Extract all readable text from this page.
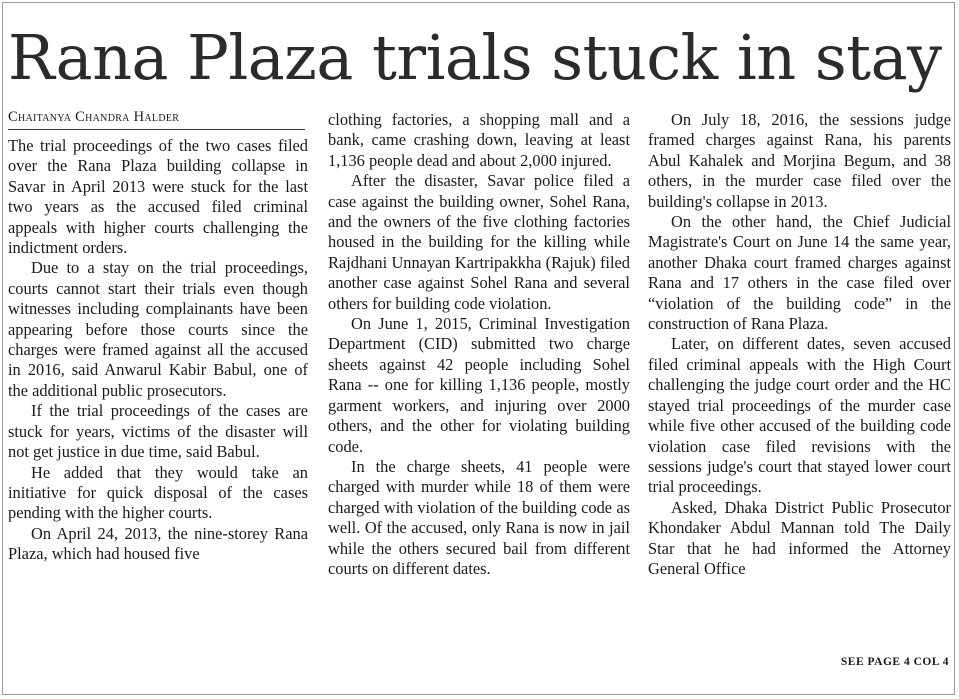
Rana Plaza trials stuck in stay
Chaitanya Chandra Halder

The trial proceedings of the two cases filed over the Rana Plaza building collapse in Savar in April 2013 were stuck for the last two years as the accused filed criminal appeals with higher courts challenging the indictment orders.

Due to a stay on the trial proceedings, courts cannot start their trials even though witnesses including complainants have been appearing before those courts since the charges were framed against all the accused in 2016, said Anwarul Kabir Babul, one of the additional public prosecutors.

If the trial proceedings of the cases are stuck for years, victims of the disaster will not get justice in due time, said Babul.

He added that they would take an initiative for quick disposal of the cases pending with the higher courts.

On April 24, 2013, the nine-storey Rana Plaza, which had housed five

clothing factories, a shopping mall and a bank, came crashing down, leaving at least 1,136 people dead and about 2,000 injured.

After the disaster, Savar police filed a case against the building owner, Sohel Rana, and the owners of the five clothing factories housed in the building for the killing while Rajdhani Unnayan Kartripakkha (Rajuk) filed another case against Sohel Rana and several others for building code violation.

On June 1, 2015, Criminal Investigation Department (CID) submitted two charge sheets against 42 people including Sohel Rana -- one for killing 1,136 people, mostly garment workers, and injuring over 2000 others, and the other for violating building code.

In the charge sheets, 41 people were charged with murder while 18 of them were charged with violation of the building code as well. Of the accused, only Rana is now in jail while the others secured bail from different courts on different dates.

On July 18, 2016, the sessions judge framed charges against Rana, his parents Abul Kahalek and Morjina Begum, and 38 others, in the murder case filed over the building's collapse in 2013.

On the other hand, the Chief Judicial Magistrate's Court on June 14 the same year, another Dhaka court framed charges against Rana and 17 others in the case filed over “violation of the building code” in the construction of Rana Plaza.

Later, on different dates, seven accused filed criminal appeals with the High Court challenging the judge court order and the HC stayed trial proceedings of the murder case while five other accused of the building code violation case filed revisions with the sessions judge's court that stayed lower court trial proceedings.

Asked, Dhaka District Public Prosecutor Khondaker Abdul Mannan told The Daily Star that he had informed the Attorney General Office

SEE PAGE 4 COL 4
